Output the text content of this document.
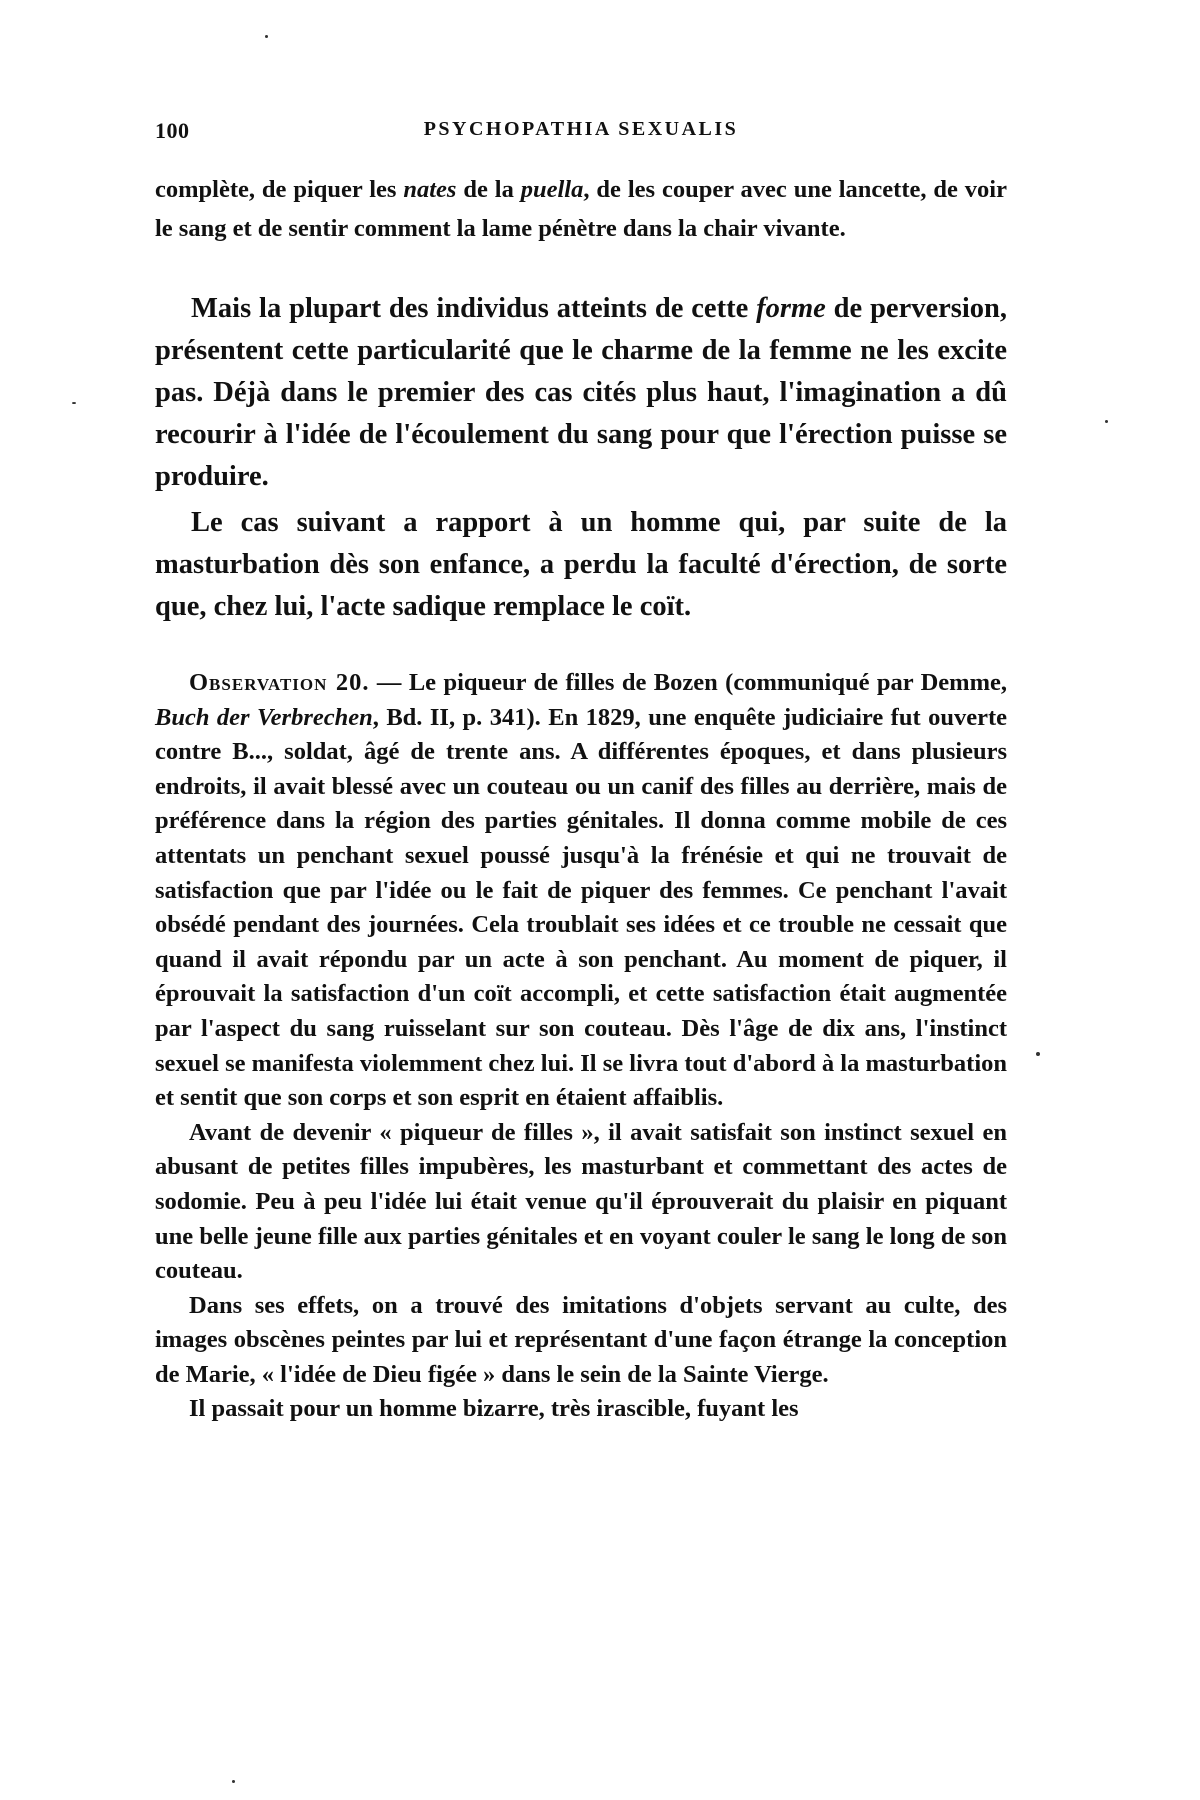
100	PSYCHOPATHIA SEXUALIS

complète, de piquer les nates de la puella, de les couper avec une lancette, de voir le sang et de sentir comment la lame pénètre dans la chair vivante.

Mais la plupart des individus atteints de cette forme de perversion, présentent cette particularité que le charme de la femme ne les excite pas. Déjà dans le premier des cas cités plus haut, l'imagination a dû recourir à l'idée de l'écoulement du sang pour que l'érection puisse se produire.

Le cas suivant a rapport à un homme qui, par suite de la masturbation dès son enfance, a perdu la faculté d'érection, de sorte que, chez lui, l'acte sadique remplace le coït.

Observation 20. — Le piqueur de filles de Bozen (communiqué par Demme, Buch der Verbrechen, Bd. II, p. 341). En 1829, une enquête judiciaire fut ouverte contre B..., soldat, âgé de trente ans. A différentes époques, et dans plusieurs endroits, il avait blessé avec un couteau ou un canif des filles au derrière, mais de préférence dans la région des parties génitales. Il donna comme mobile de ces attentats un penchant sexuel poussé jusqu'à la frénésie et qui ne trouvait de satisfaction que par l'idée ou le fait de piquer des femmes. Ce penchant l'avait obsédé pendant des journées. Cela troublait ses idées et ce trouble ne cessait que quand il avait répondu par un acte à son penchant. Au moment de piquer, il éprouvait la satisfaction d'un coït accompli, et cette satisfaction était augmentée par l'aspect du sang ruisselant sur son couteau. Dès l'âge de dix ans, l'instinct sexuel se manifesta violemment chez lui. Il se livra tout d'abord à la masturbation et sentit que son corps et son esprit en étaient affaiblis.

Avant de devenir « piqueur de filles », il avait satisfait son instinct sexuel en abusant de petites filles impubères, les masturbant et commettant des actes de sodomie. Peu à peu l'idée lui était venue qu'il éprouverait du plaisir en piquant une belle jeune fille aux parties génitales et en voyant couler le sang le long de son couteau.

Dans ses effets, on a trouvé des imitations d'objets servant au culte, des images obscènes peintes par lui et représentant d'une façon étrange la conception de Marie, « l'idée de Dieu figée » dans le sein de la Sainte Vierge.

Il passait pour un homme bizarre, très irascible, fuyant les
